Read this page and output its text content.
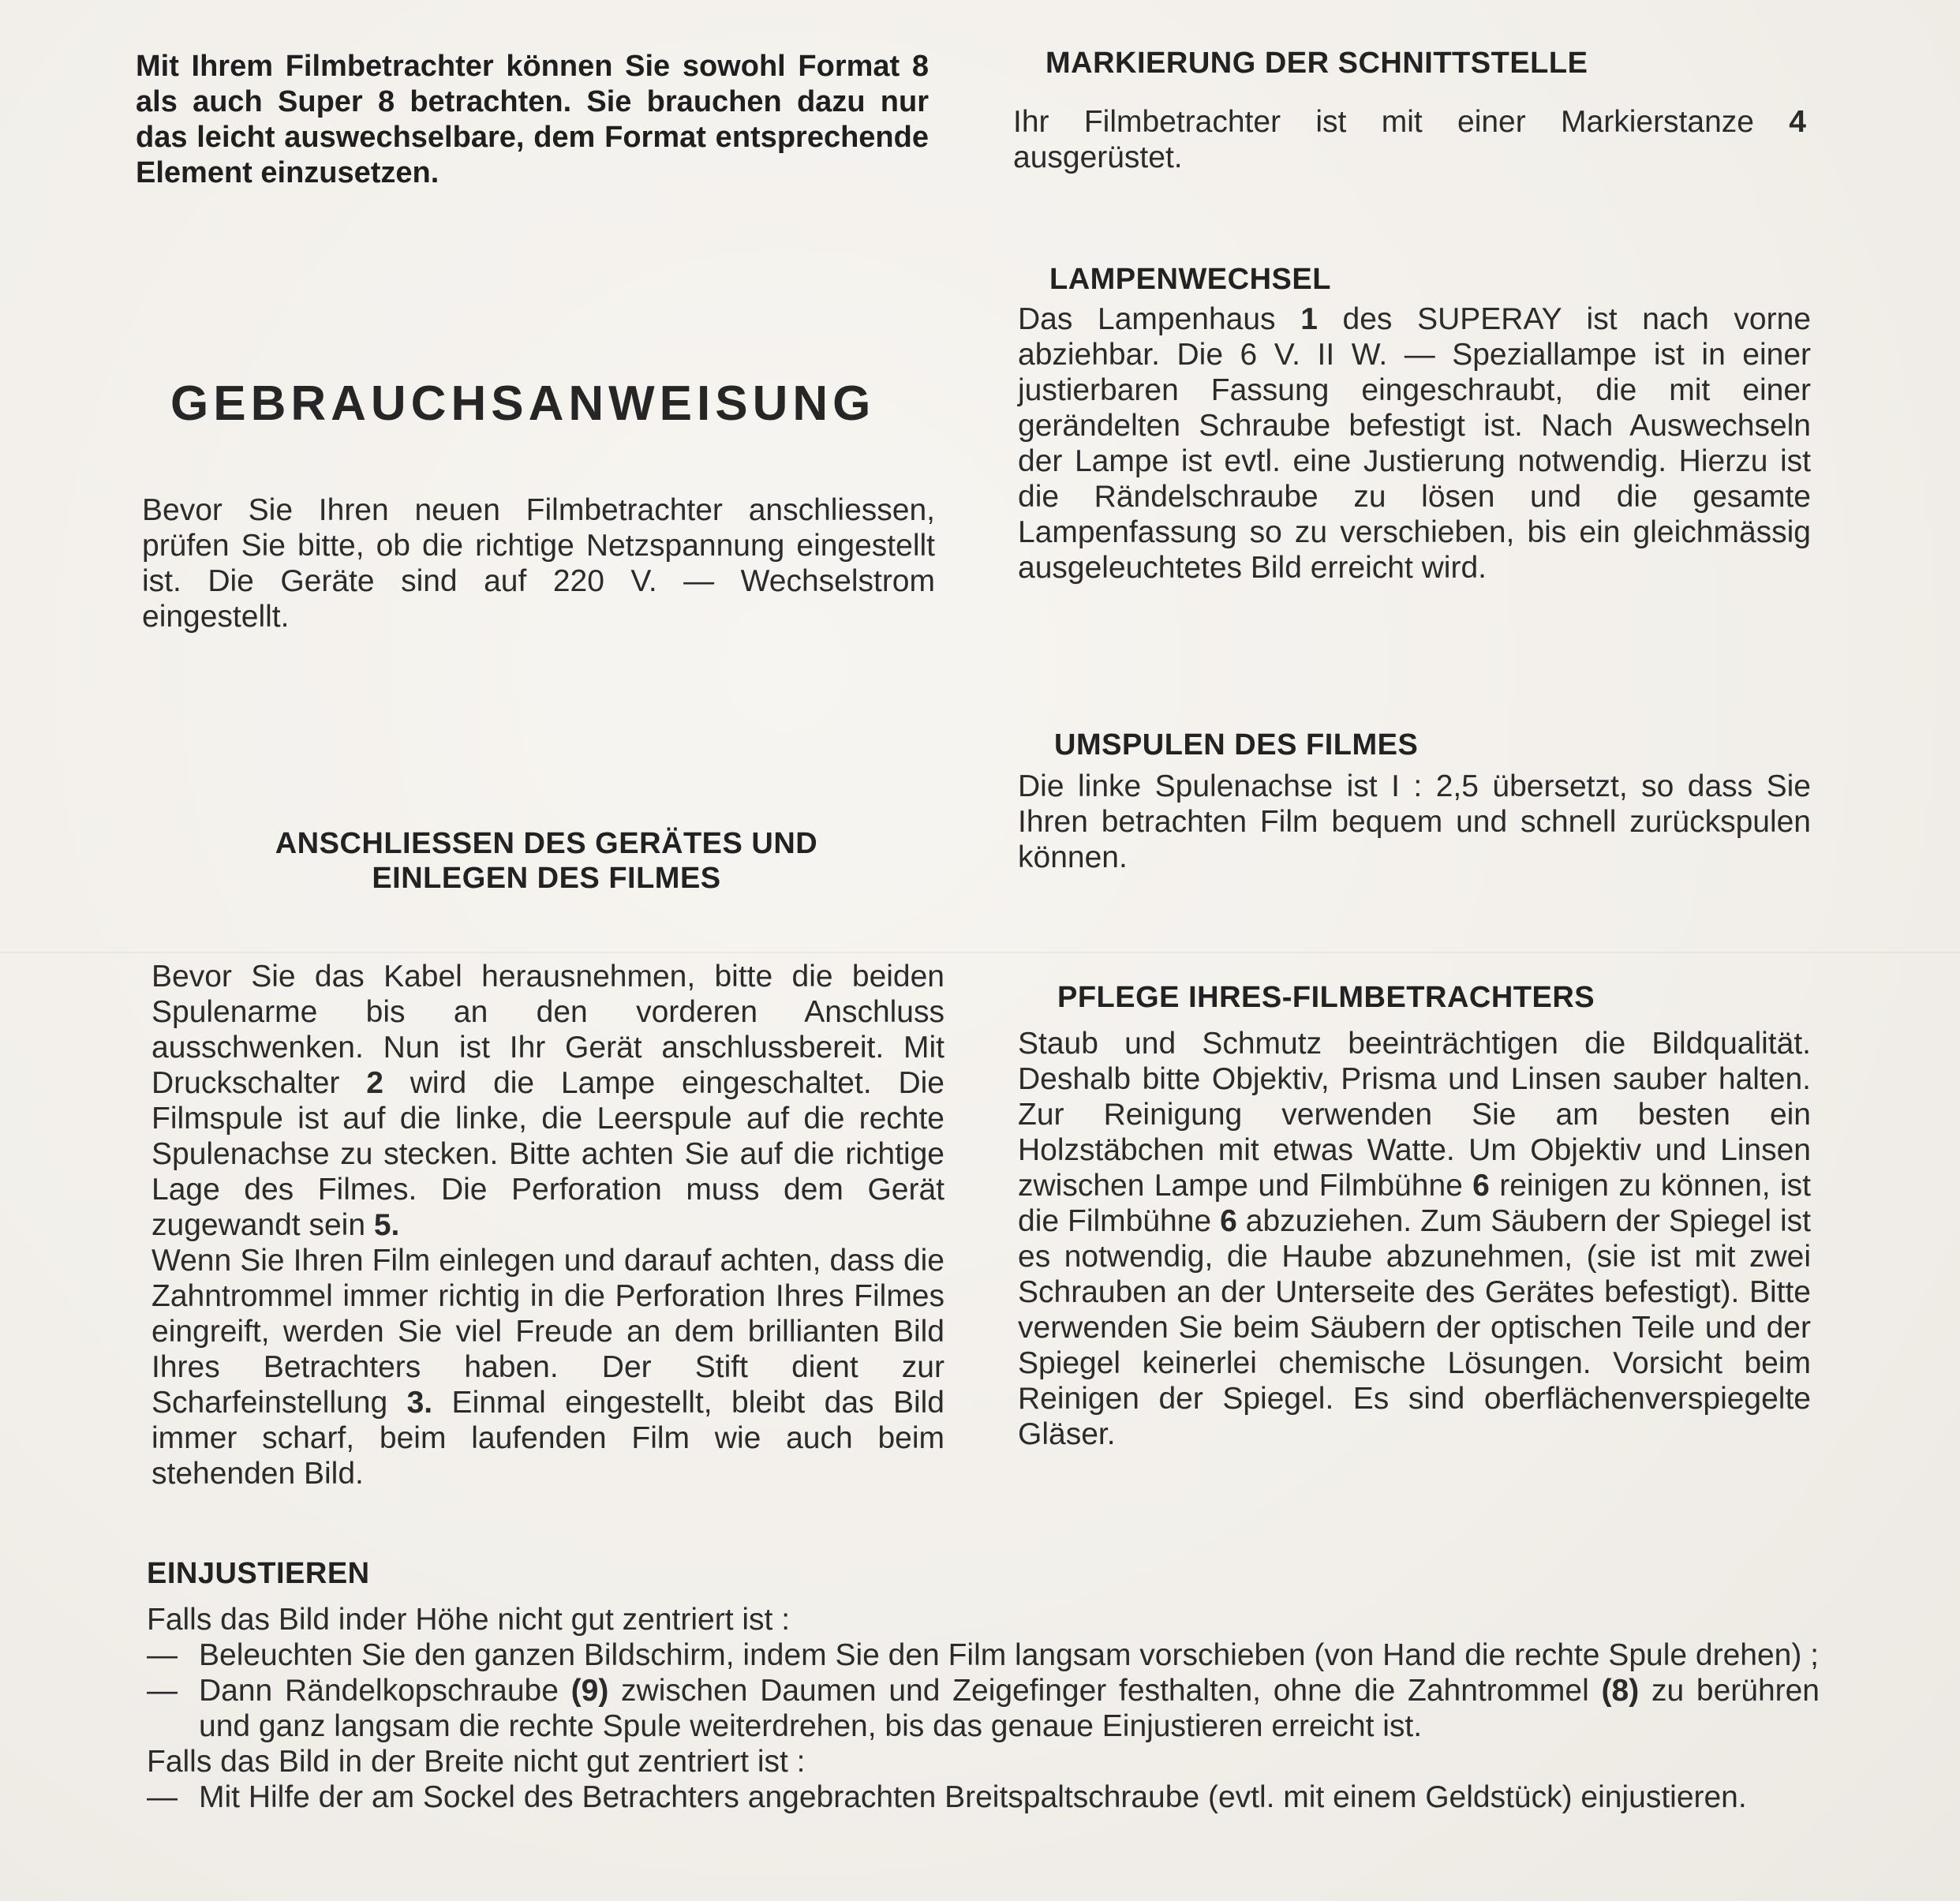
Mit Ihrem Filmbetrachter können Sie sowohl Format 8 als auch Super 8 betrachten. Sie brauchen dazu nur das leicht auswechselbare, dem Format entsprechende Element einzusetzen.

GEBRAUCHSANWEISUNG

Bevor Sie Ihren neuen Filmbetrachter anschliessen, prüfen Sie bitte, ob die richtige Netzspannung eingestellt ist. Die Geräte sind auf 220 V. — Wechselstrom eingestellt.

ANSCHLIESSEN DES GERÄTES UND
EINLEGEN DES FILMES

Bevor Sie das Kabel herausnehmen, bitte die beiden Spulenarme bis an den vorderen Anschluss ausschwenken. Nun ist Ihr Gerät anschlussbereit. Mit Druckschalter 2 wird die Lampe eingeschaltet. Die Filmspule ist auf die linke, die Leerspule auf die rechte Spulenachse zu stecken. Bitte achten Sie auf die richtige Lage des Filmes. Die Perforation muss dem Gerät zugewandt sein 5.

Wenn Sie Ihren Film einlegen und darauf achten, dass die Zahntrommel immer richtig in die Perforation Ihres Filmes eingreift, werden Sie viel Freude an dem brillianten Bild Ihres Betrachters haben. Der Stift dient zur Scharfeinstellung 3. Einmal eingestellt, bleibt das Bild immer scharf, beim laufenden Film wie auch beim stehenden Bild.

MARKIERUNG DER SCHNITTSTELLE

Ihr Filmbetrachter ist mit einer Markierstanze 4 ausgerüstet.

LAMPENWECHSEL

Das Lampenhaus 1 des SUPERAY ist nach vorne abziehbar. Die 6 V. II W. — Speziallampe ist in einer justierbaren Fassung eingeschraubt, die mit einer gerändelten Schraube befestigt ist. Nach Auswechseln der Lampe ist evtl. eine Justierung notwendig. Hierzu ist die Rändelschraube zu lösen und die gesamte Lampenfassung so zu verschieben, bis ein gleichmässig ausgeleuchtetes Bild erreicht wird.

UMSPULEN DES FILMES

Die linke Spulenachse ist I : 2,5 übersetzt, so dass Sie Ihren betrachten Film bequem und schnell zurückspulen können.

PFLEGE IHRES-FILMBETRACHTERS

Staub und Schmutz beeinträchtigen die Bildqualität. Deshalb bitte Objektiv, Prisma und Linsen sauber halten. Zur Reinigung verwenden Sie am besten ein Holzstäbchen mit etwas Watte. Um Objektiv und Linsen zwischen Lampe und Filmbühne 6 reinigen zu können, ist die Filmbühne 6 abzuziehen. Zum Säubern der Spiegel ist es notwendig, die Haube abzunehmen, (sie ist mit zwei Schrauben an der Unterseite des Gerätes befestigt). Bitte verwenden Sie beim Säubern der optischen Teile und der Spiegel keinerlei chemische Lösungen. Vorsicht beim Reinigen der Spiegel. Es sind oberflächenverspiegelte Gläser.

EINJUSTIEREN

Falls das Bild inder Höhe nicht gut zentriert ist :

— Beleuchten Sie den ganzen Bildschirm, indem Sie den Film langsam vorschieben (von Hand die rechte Spule drehen) ;
— Dann Rändelkopschraube (9) zwischen Daumen und Zeigefinger festhalten, ohne die Zahntrommel (8) zu berühren und ganz langsam die rechte Spule weiterdrehen, bis das genaue Einjustieren erreicht ist.

Falls das Bild in der Breite nicht gut zentriert ist :

— Mit Hilfe der am Sockel des Betrachters angebrachten Breitspaltschraube (evtl. mit einem Geldstück) einjustieren.
